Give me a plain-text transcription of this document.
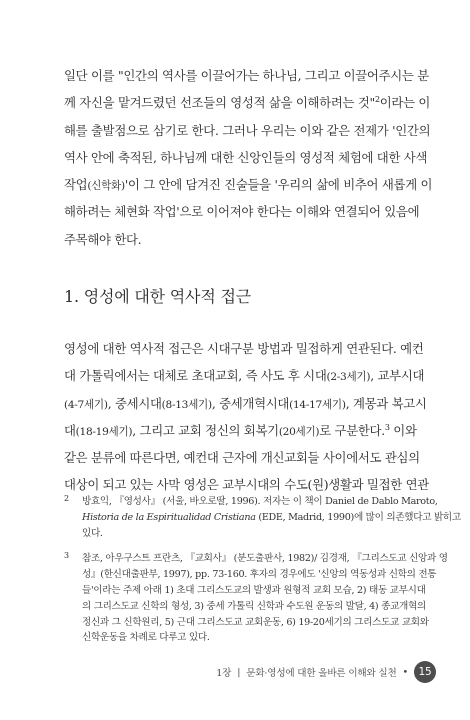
일단 이를 "인간의 역사를 이끌어가는 하나님, 그리고 이끌어주시는 분
께 자신을 맡겨드렸던 선조들의 영성적 삶을 이해하려는 것"$^2$이라는 이
해를 출발점으로 삼기로 한다. 그러나 우리는 이와 같은 전제가 '인간의
역사 안에 축적된, 하나님께 대한 신앙인들의 영성적 체험에 대한 사색
작업(신학화)'이 그 안에 담겨진 진술들을 '우리의 삶에 비추어 새롭게 이
해하려는 체현화 작업'으로 이어져야 한다는 이해와 연결되어 있음에
주목해야 한다.
1. 영성에 대한 역사적 접근
영성에 대한 역사적 접근은 시대구분 방법과 밀접하게 연관된다. 예컨
대 가톨릭에서는 대체로 초대교회, 즉 사도 후 시대(2-3세기), 교부시대
(4-7세기), 중세시대(8-13세기), 중세개혁시대(14-17세기), 계몽과 복고시
대(18-19세기), 그리고 교회 정신의 회복기(20세기)로 구분한다.$^3$ 이와
같은 분류에 따른다면, 예컨대 근자에 개신교회들 사이에서도 관심의
대상이 되고 있는 사막 영성은 교부시대의 수도(원)생활과 밀접한 연관
2 방효익, 『영성사』 (서울, 바오로딸, 1996). 저자는 이 책이 Daniel de Dablo Maroto,
Historia de la Espiritualidad Cristiana (EDE, Madrid, 1990)에 많이 의존했다고 밝히고
있다.
3 참조, 아우구스트 프란츠, 『교회사』 (분도출판사, 1982)/ 김경재, 『그리스도교 신앙과 영
성』(한신대출판부, 1997), pp. 73-160. 후자의 경우에도 '신앙의 역동성과 신학의 전통
들'이라는 주제 아래 1) 초대 그리스도교의 발생과 원형적 교회 모습, 2) 태동 교부시대
의 그리스도교 신학의 형성, 3) 중세 가톨릭 신학과 수도원 운동의 발달, 4) 종교개혁의
정신과 그 신학원리, 5) 근대 그리스도교 교회운동, 6) 19-20세기의 그리스도교 교회와
신학운동을 차례로 다루고 있다.
1장 | 문화·영성에 대한 올바른 이해와 실천 •	15
